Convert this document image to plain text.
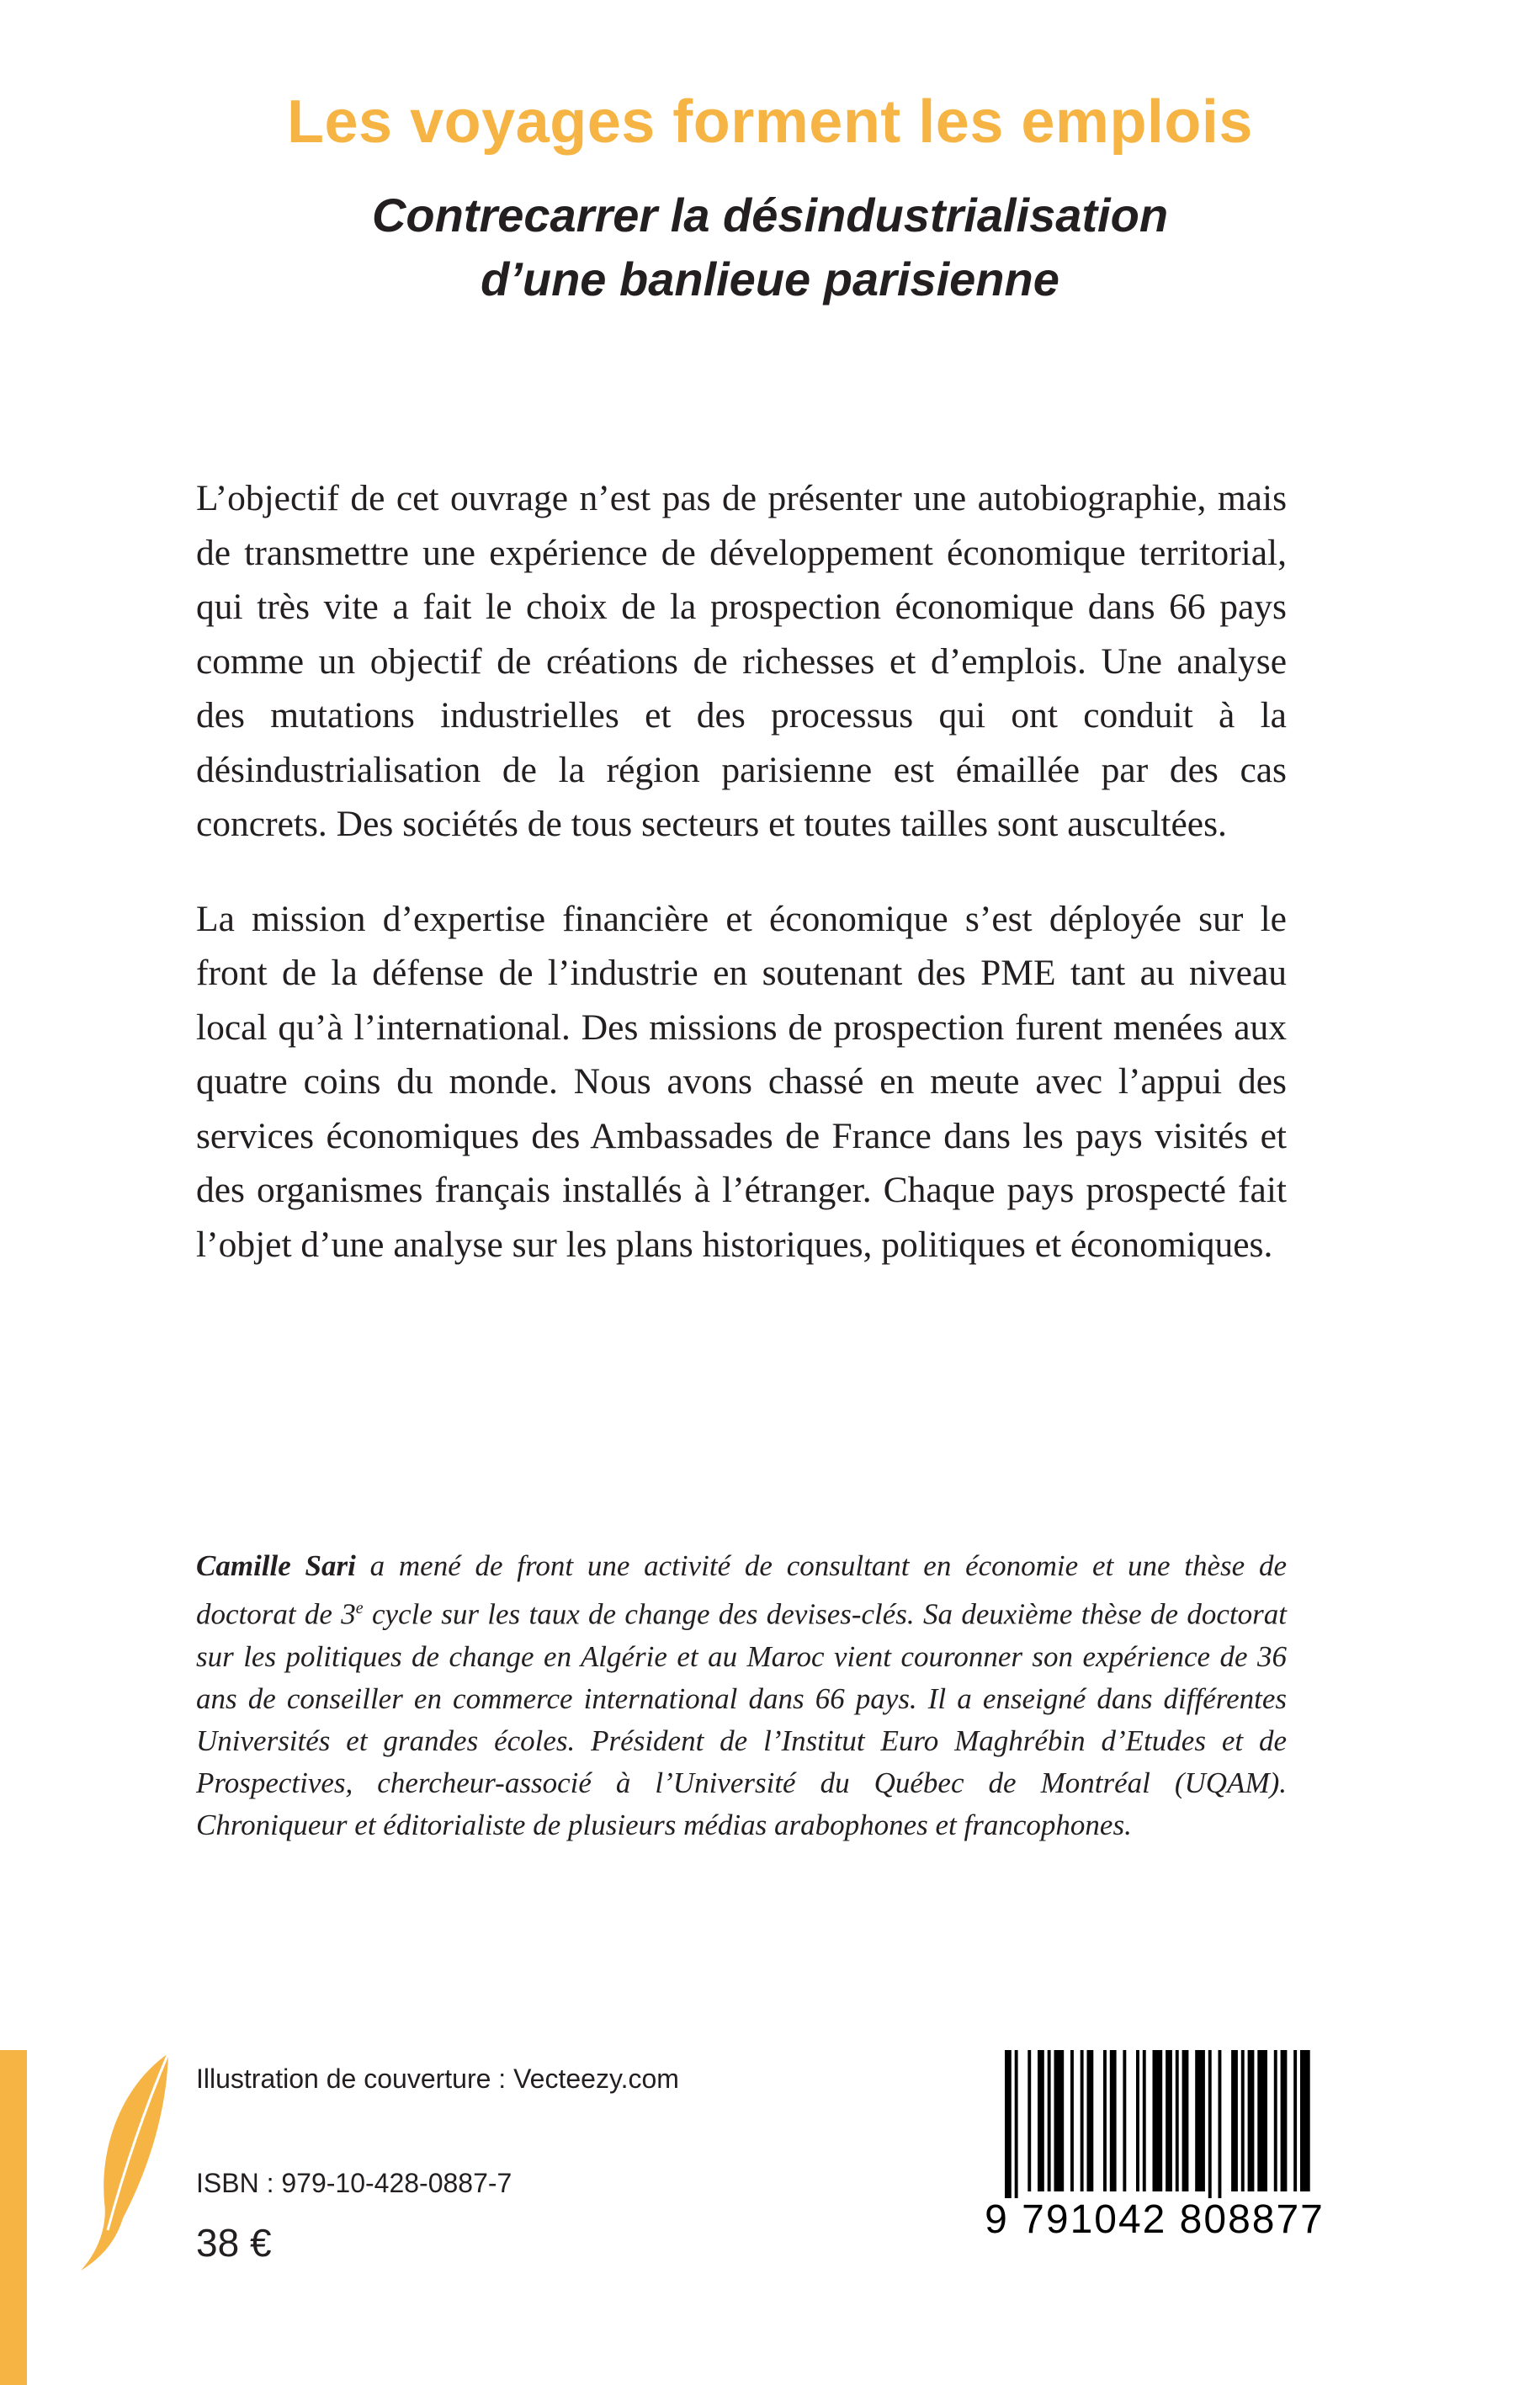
Les voyages forment les emplois
Contrecarrer la désindustrialisation
d’une banlieue parisienne

L’objectif de cet ouvrage n’est pas de présenter une autobiographie, mais de transmettre une expérience de développement économique territorial, qui très vite a fait le choix de la prospection économique dans 66 pays comme un objectif de créations de richesses et d’emplois. Une analyse des mutations industrielles et des processus qui ont conduit à la désindustrialisation de la région parisienne est émaillée par des cas concrets. Des sociétés de tous secteurs et toutes tailles sont auscultées.

La mission d’expertise financière et économique s’est déployée sur le front de la défense de l’industrie en soutenant des PME tant au niveau local qu’à l’international. Des missions de prospection furent menées aux quatre coins du monde. Nous avons chassé en meute avec l’appui des services économiques des Ambassades de France dans les pays visités et des organismes français installés à l’étranger. Chaque pays prospecté fait l’objet d’une analyse sur les plans historiques, politiques et économiques.

Camille Sari a mené de front une activité de consultant en économie et une thèse de doctorat de 3e cycle sur les taux de change des devises-clés. Sa deuxième thèse de doctorat sur les politiques de change en Algérie et au Maroc vient couronner son expérience de 36 ans de conseiller en commerce international dans 66 pays. Il a enseigné dans différentes Universités et grandes écoles. Président de l’Institut Euro Maghrébin d’Etudes et de Prospectives, chercheur-associé à l’Université du Québec de Montréal (UQAM). Chroniqueur et éditorialiste de plusieurs médias arabophones et francophones.

Illustration de couverture : Vecteezy.com
ISBN : 979-10-428-0887-7
38 €
9 791042 808877
